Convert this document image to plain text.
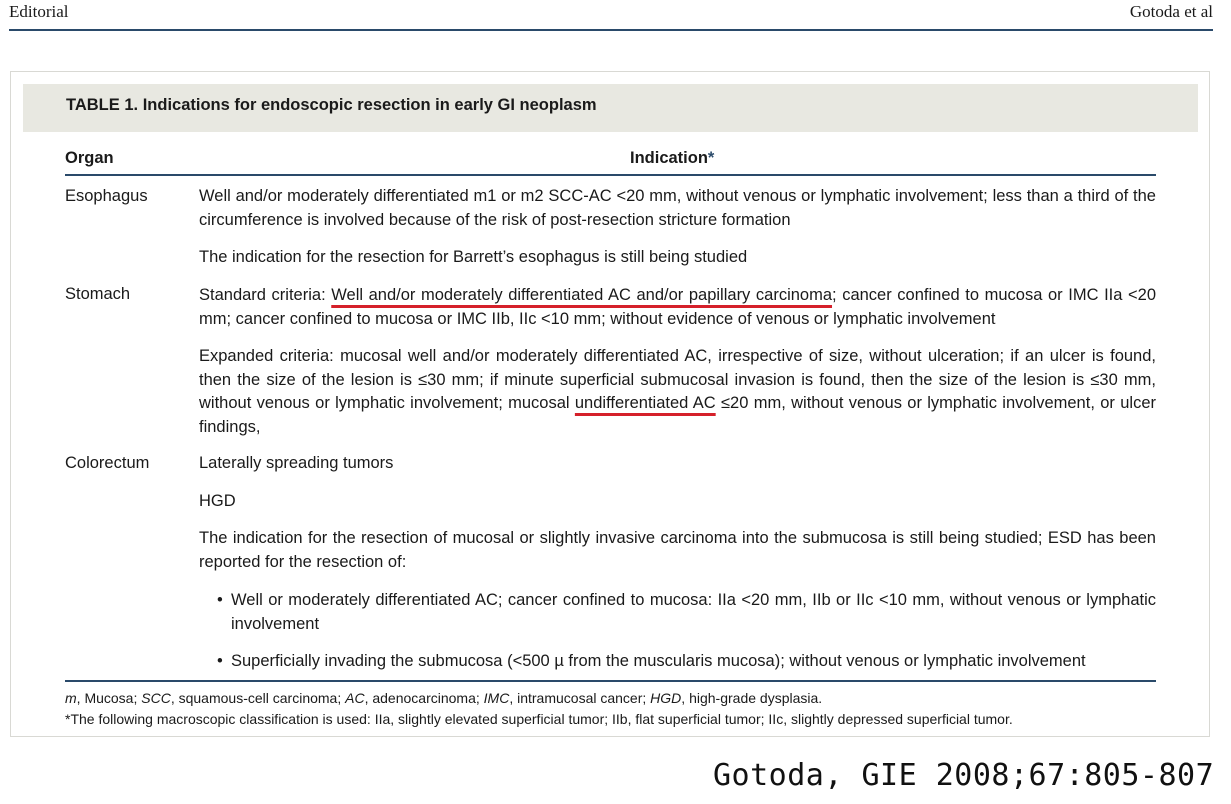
Editorial	Gotoda et al
TABLE 1. Indications for endoscopic resection in early GI neoplasm
Organ	Indication*
Esophagus	Well and/or moderately differentiated m1 or m2 SCC-AC <20 mm, without venous or lymphatic involvement; less than a third of the circumference is involved because of the risk of post-resection stricture formation
The indication for the resection for Barrett’s esophagus is still being studied
Stomach	Standard criteria: Well and/or moderately differentiated AC and/or papillary carcinoma; cancer confined to mucosa or IMC IIa <20 mm; cancer confined to mucosa or IMC IIb, IIc <10 mm; without evidence of venous or lymphatic involvement
Expanded criteria: mucosal well and/or moderately differentiated AC, irrespective of size, without ulceration; if an ulcer is found, then the size of the lesion is ≤30 mm; if minute superficial submucosal invasion is found, then the size of the lesion is ≤30 mm, without venous or lymphatic involvement; mucosal undifferentiated AC ≤20 mm, without venous or lymphatic involvement, or ulcer findings,
Colorectum	Laterally spreading tumors
HGD
The indication for the resection of mucosal or slightly invasive carcinoma into the submucosa is still being studied; ESD has been reported for the resection of:
• Well or moderately differentiated AC; cancer confined to mucosa: IIa <20 mm, IIb or IIc <10 mm, without venous or lymphatic involvement
• Superficially invading the submucosa (<500 µ from the muscularis mucosa); without venous or lymphatic involvement
m, Mucosa; SCC, squamous-cell carcinoma; AC, adenocarcinoma; IMC, intramucosal cancer; HGD, high-grade dysplasia.
*The following macroscopic classification is used: IIa, slightly elevated superficial tumor; IIb, flat superficial tumor; IIc, slightly depressed superficial tumor.
Gotoda, GIE 2008;67:805-807
